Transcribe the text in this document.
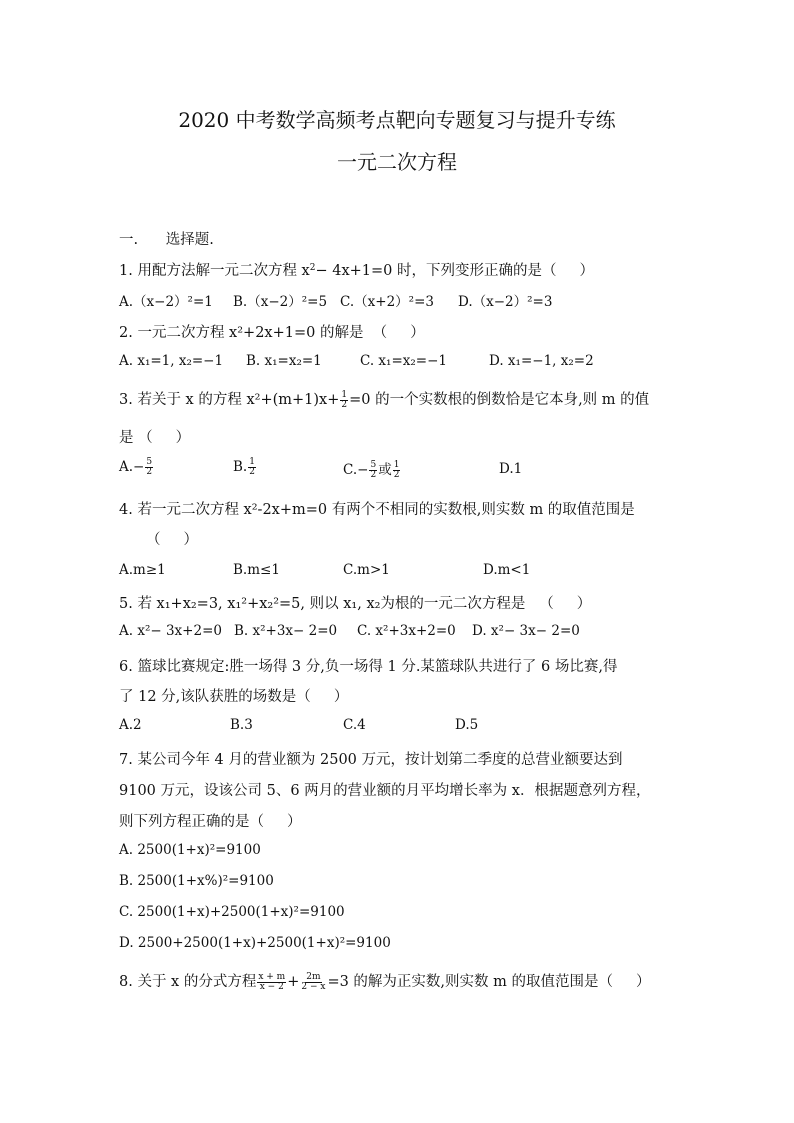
2020 中考数学高频考点靶向专题复习与提升专练
一元二次方程
一.      选择题.
1. 用配方法解一元二次方程 $x^2- 4x+1=0$ 时，下列变形正确的是（     ）
A.（x−2）²=1 B.（x−2）²=5 C.（x+2）²=3 D.（x−2）²=3
2. 一元二次方程 x²+2x+1=0 的解是  （     ）
A. x₁=1, x₂=−1 B. x₁=x₂=1	C. x₁=x₂=−1	D. x₁=−1, x₂=2
3. 若关于 x 的方程 $x^2+(m+1)x+ \frac{1}{2} =0$ 的一个实数根的倒数恰是它本身,则 m 的值
是 （     ）
$A.- \frac{5}{2}$	B. $\frac{1}{2}$	$C.- \frac{5}{2}$ 或 $\frac{1}{2}$	D.1
4. 若一元二次方程 x²-2x+m=0 有两个不相同的实数根,则实数 m 的取值范围是
（     ）
A.m≥1	B.m≤1	C.m>1	D.m<1
5. 若 x₁+x₂=3, x₁²+x₂²=5, 则以 x₁, x₂为根的一元二次方程是   （     ）
A. x²− 3x+2=0 B. x²+3x− 2=0 C. x²+3x+2=0 D. x²− 3x− 2=0
6. 篮球比赛规定:胜一场得 3 分,负一场得 1 分.某篮球队共进行了 6 场比赛,得
了 12 分,该队获胜的场数是（     ）
A.2	B.3	C.4	D.5
7. 某公司今年 4 月的营业额为 2500 万元，按计划第二季度的总营业额要达到
9100 万元，设该公司 5、6 两月的营业额的月平均增长率为 x．根据题意列方程，
则下列方程正确的是（     ）
A. 2500(1+x)²=9100
B. 2500(1+x%)²=9100
C. 2500(1+x)+2500(1+x)²=9100
D. 2500+2500(1+x)+2500(1+x)²=9100
8. 关于 x 的分式方程 $\frac{x + m}{x - 2} + \frac{2m}{2 - x} =3$ 的解为正实数,则实数 m 的取值范围是（     ）
